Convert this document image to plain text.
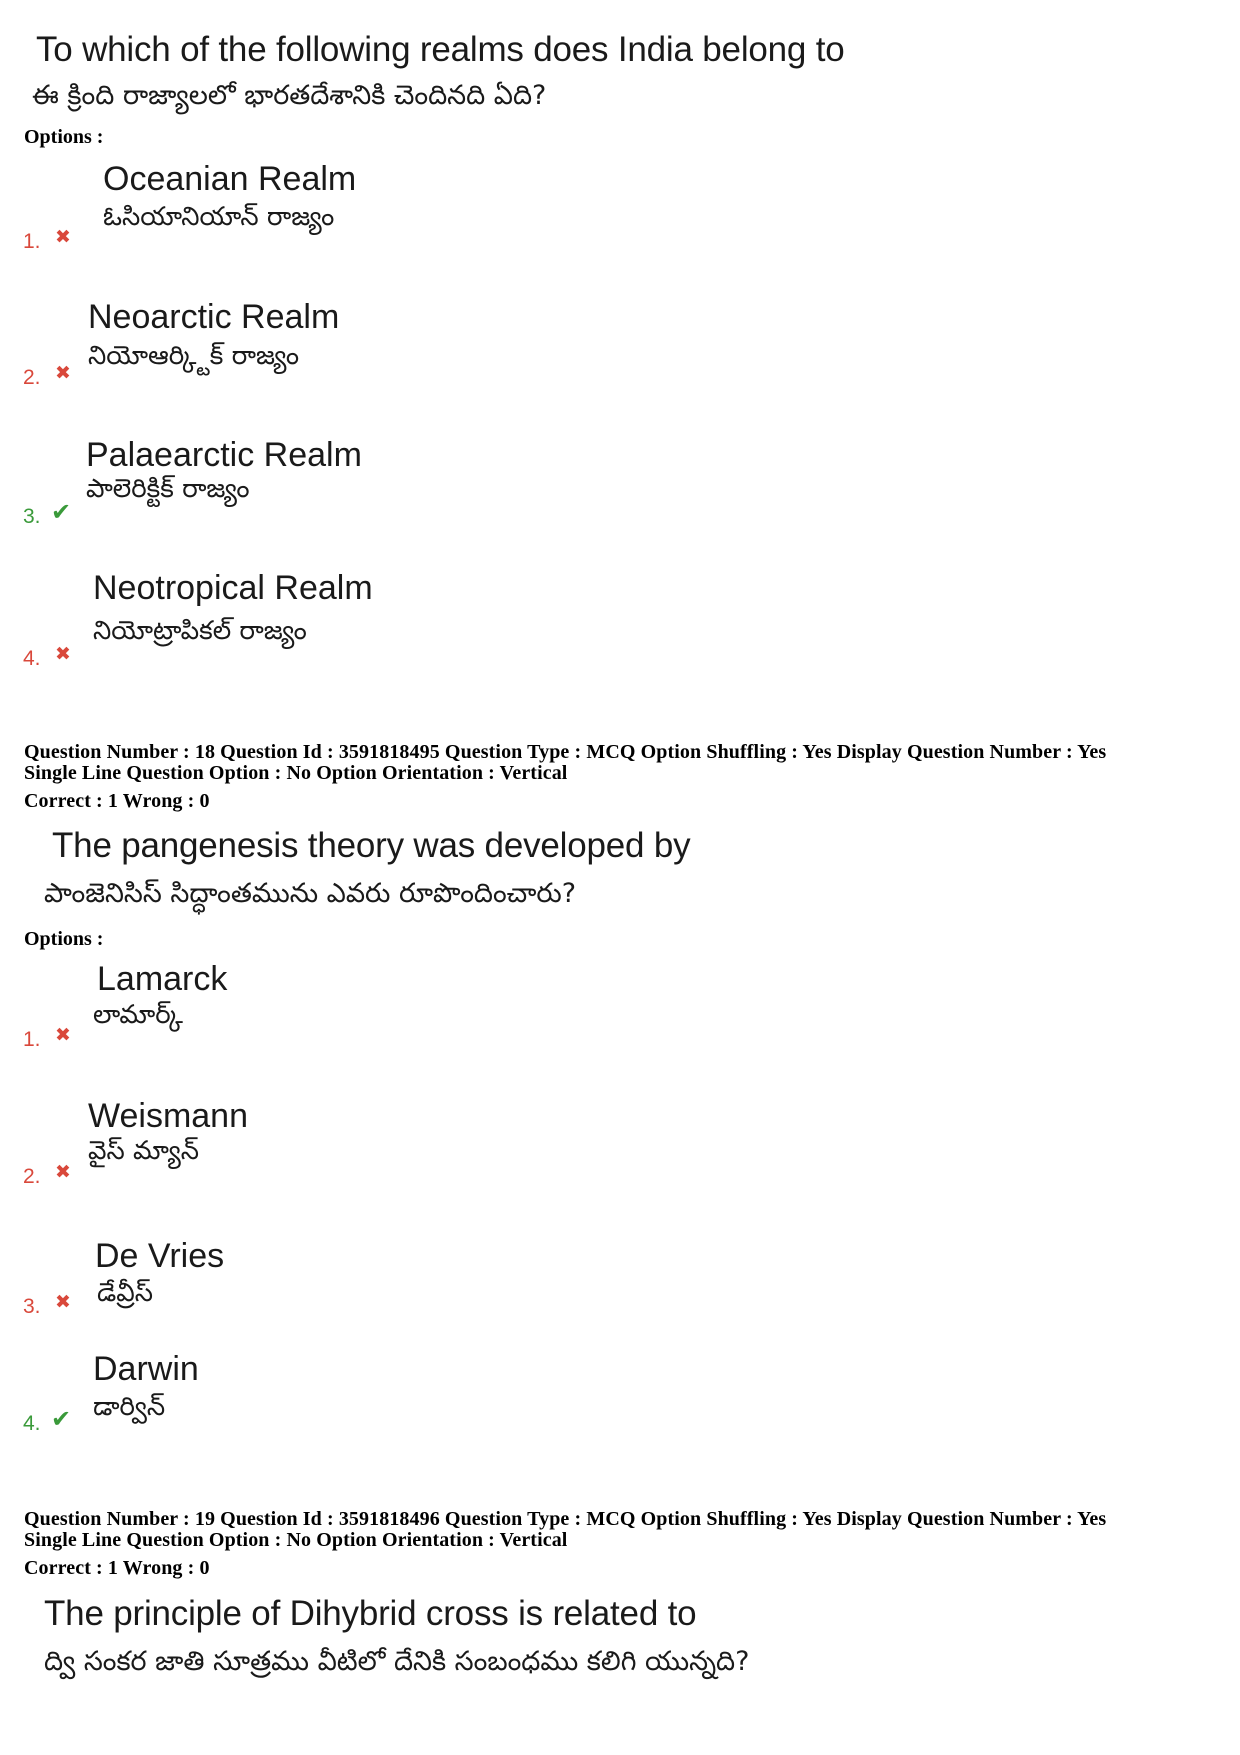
To which of the following realms does India belong to
ఈ క్రింది రాజ్యాలలో భారతదేశానికి చెందినది ఏది?
Options :
Oceanian Realm
ఓసియానియాన్ రాజ్యం
1. ✖
Neoarctic Realm
నియోఆర్క్టిక్ రాజ్యం
2. ✖
Palaearctic Realm
పాలెరిక్టిక్ రాజ్యం
3. ✔
Neotropical Realm
నియోట్రాపికల్ రాజ్యం
4. ✖
Question Number : 18 Question Id : 3591818495 Question Type : MCQ Option Shuffling : Yes Display Question Number : Yes
Single Line Question Option : No Option Orientation : Vertical
Correct : 1 Wrong : 0
The pangenesis theory was developed by
పాంజెనిసిస్ సిద్ధాంతమును ఎవరు రూపొందించారు?
Options :
Lamarck
లామార్క్
1. ✖
Weismann
వైస్ మ్యాన్
2. ✖
De Vries
డేవ్రీస్
3. ✖
Darwin
డార్విన్
4. ✔
Question Number : 19 Question Id : 3591818496 Question Type : MCQ Option Shuffling : Yes Display Question Number : Yes
Single Line Question Option : No Option Orientation : Vertical
Correct : 1 Wrong : 0
The principle of Dihybrid cross is related to
ద్వి సంకర జాతి సూత్రము వీటిలో దేనికి సంబంధము కలిగి యున్నది?
